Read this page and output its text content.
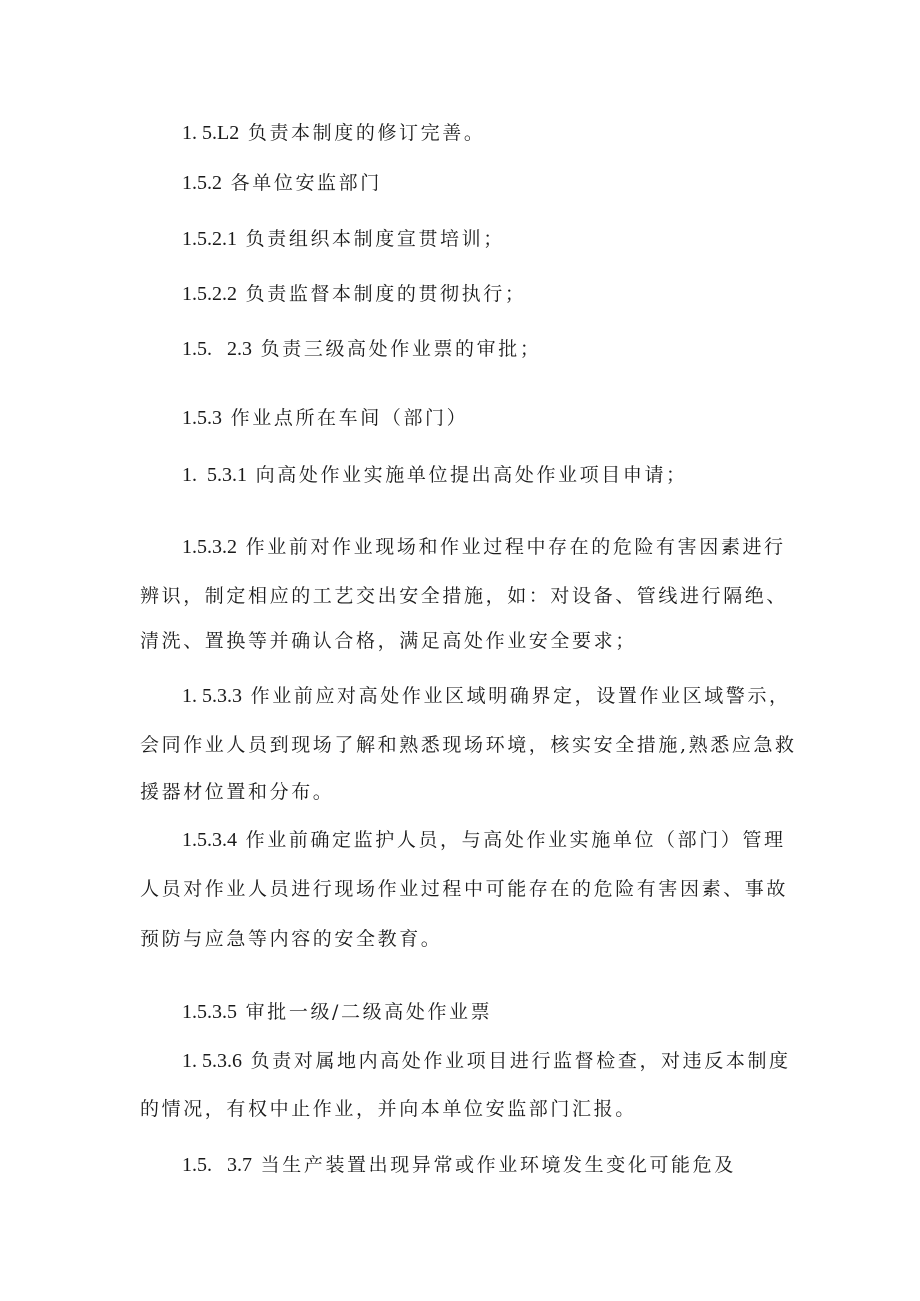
1. 5.L2 负责本制度的修订完善。
1.5.2 各单位安监部门
1.5.2.1 负责组织本制度宣贯培训；
1.5.2.2 负责监督本制度的贯彻执行；
1.5.   2.3 负责三级高处作业票的审批；
1.5.3 作业点所在车间（部门）
1.  5.3.1 向高处作业实施单位提出高处作业项目申请；
1.5.3.2 作业前对作业现场和作业过程中存在的危险有害因素进行
辨识，制定相应的工艺交出安全措施，如：对设备、管线进行隔绝、
清洗、置换等并确认合格，满足高处作业安全要求；
1. 5.3.3 作业前应对高处作业区域明确界定，设置作业区域警示，
会同作业人员到现场了解和熟悉现场环境，核实安全措施,熟悉应急救
援器材位置和分布。
1.5.3.4 作业前确定监护人员，与高处作业实施单位（部门）管理
人员对作业人员进行现场作业过程中可能存在的危险有害因素、事故
预防与应急等内容的安全教育。
1.5.3.5 审批一级/二级高处作业票
1. 5.3.6 负责对属地内高处作业项目进行监督检查，对违反本制度
的情况，有权中止作业，并向本单位安监部门汇报。
1.5.   3.7 当生产装置出现异常或作业环境发生变化可能危及
